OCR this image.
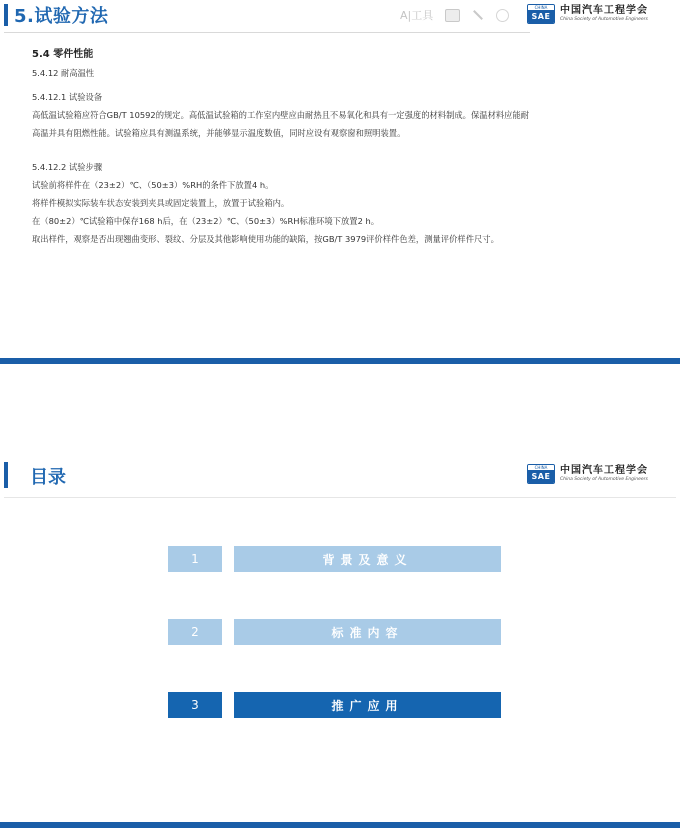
5.试验方法	A|工具
CHINA
SAE
中国汽车工程学会
China Society of Automotive Engineers
5.4 零件性能
5.4.12 耐高温性
5.4.12.1 试验设备
高低温试验箱应符合GB/T 10592的规定。高低温试验箱的工作室内壁应由耐热且不易氧化和具有一定强度的材料制成。保温材料应能耐
高温并具有阻燃性能。试验箱应具有测温系统，并能够显示温度数值，同时应设有观察窗和照明装置。
5.4.12.2 试验步骤
试验前将样件在（23±2）℃、（50±3）%RH的条件下放置4 h。
将样件模拟实际装车状态安装到夹具或固定装置上，放置于试验箱内。
在（80±2）℃试验箱中保存168 h后，在（23±2）℃、（50±3）%RH标准环境下放置2 h。
取出样件，观察是否出现翘曲变形、裂纹、分层及其他影响使用功能的缺陷，按GB/T 3979评价样件色差，测量评价样件尺寸。
目录	CHINA
SAE
中国汽车工程学会
China Society of Automotive Engineers
1	背景及意义
2	标准内容
3	推广应用
